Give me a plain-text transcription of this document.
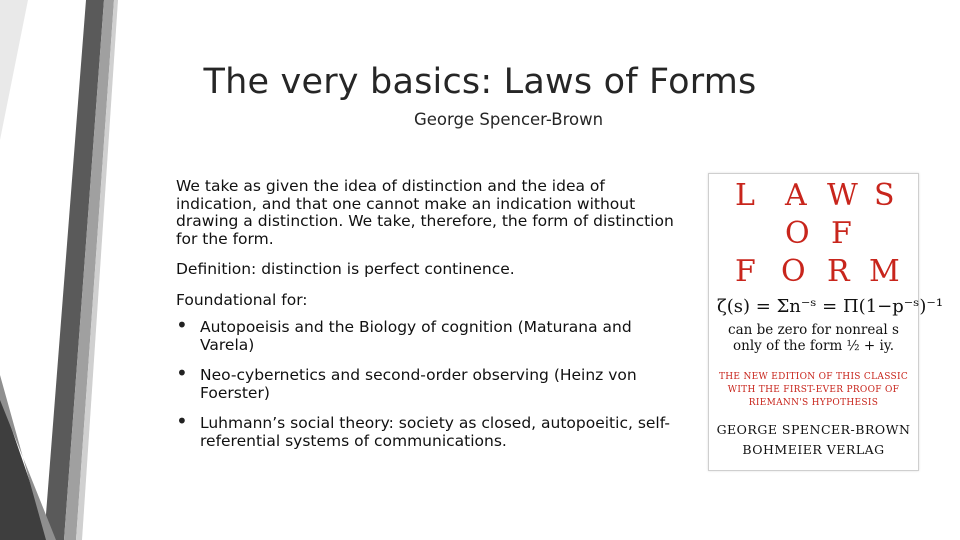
The very basics: Laws of Forms
George Spencer-Brown

We take as given the idea of distinction and the idea of indication, and that one cannot make an indication without drawing a distinction. We take, therefore, the form of distinction for the form.

Definition: distinction is perfect continence.

Foundational for:

• Autopoeisis and the Biology of cognition (Maturana and Varela)
• Neo-cybernetics and second-order observing (Heinz von Foerster)
• Luhmann’s social theory: society as closed, autopoeitic, self-referential systems of communications.
L A W S
O F
F O R M
ζ(s) = Σn⁻ˢ = Π(1−p⁻ˢ)⁻¹
can be zero for nonreal s
only of the form ½ + iy.
THE NEW EDITION OF THIS CLASSIC
WITH THE FIRST-EVER PROOF OF
RIEMANN'S HYPOTHESIS
GEORGE SPENCER-BROWN
BOHMEIER VERLAG
